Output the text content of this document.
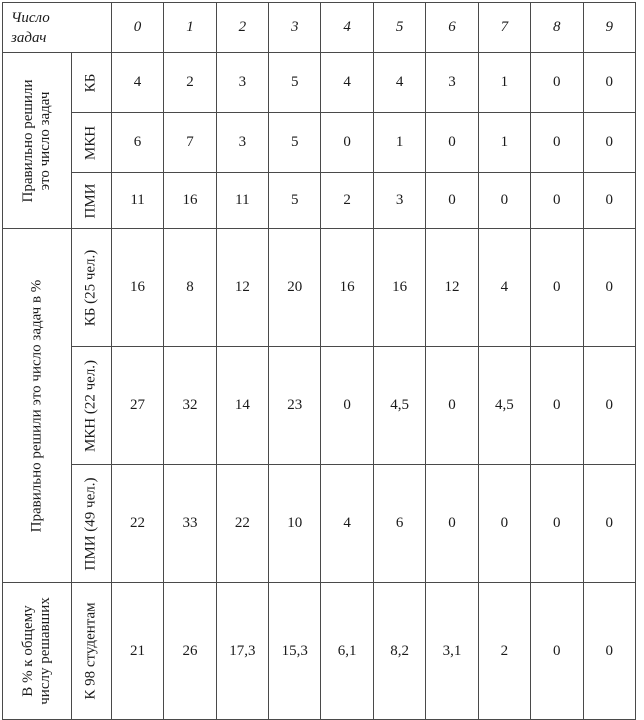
Число
задач		0	1	2	3	4	5	6	7	8	9

Правильно решили это число задач	КБ	4	2	3	5	4	4	3	1	0	0

	МКН	6	7	3	5	0	1	0	1	0	0

	ПМИ	11	16	11	5	2	3	0	0	0	0

Правильно решили это число задач в %	КБ (25 чел.)	16	8	12	20	16	16	12	4	0	0

	МКН (22 чел.)	27	32	14	23	0	4,5	0	4,5	0	0

	ПМИ (49 чел.)	22	33	22	10	4	6	0	0	0	0

В % к общему числу решавших	К 98 студентам	21	26	17,3	15,3	6,1	8,2	3,1	2	0	0
